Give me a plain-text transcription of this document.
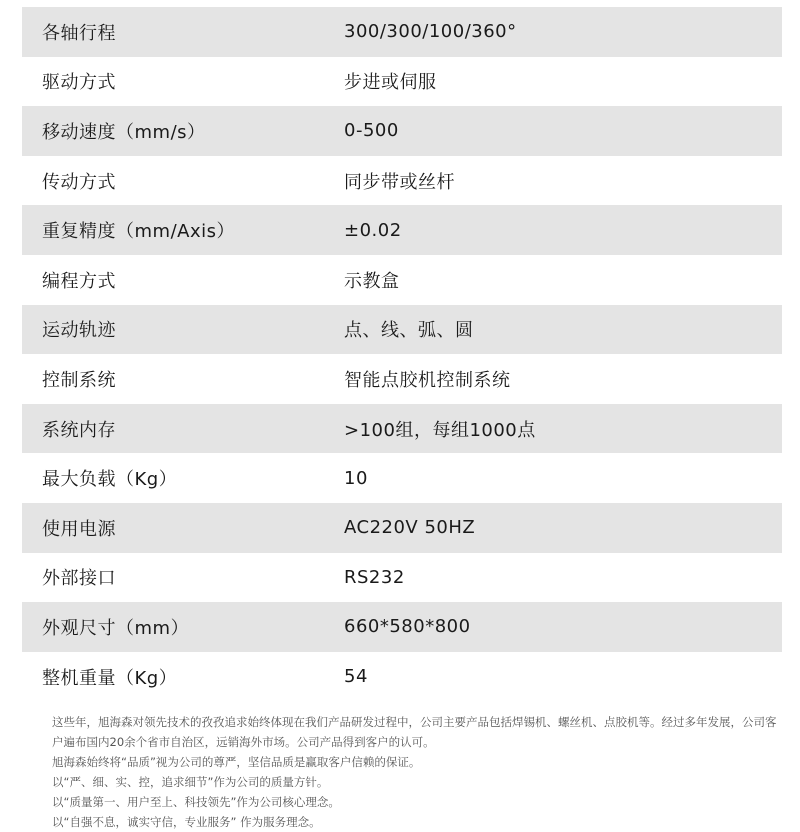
各轴行程	300/300/100/360°
驱动方式	步进或伺服
移动速度（mm/s）	0-500
传动方式	同步带或丝杆
重复精度（mm/Axis）	±0.02
编程方式	示教盒
运动轨迹	点、线、弧、圆
控制系统	智能点胶机控制系统
系统内存	>100组，每组1000点
最大负载（Kg）	10
使用电源	AC220V 50HZ
外部接口	RS232
外观尺寸（mm）	660*580*800
整机重量（Kg）	54

这些年，旭海森对领先技术的孜孜追求始终体现在我们产品研发过程中，公司主要产品包括焊锡机、螺丝机、点胶机等。经过多年发展，公司客户遍布国内20余个省市自治区，远销海外市场。公司产品得到客户的认可。

旭海森始终将“品质”视为公司的尊严，坚信品质是赢取客户信赖的保证。

以“严、细、实、控，追求细节”作为公司的质量方针。

以“质量第一、用户至上、科技领先”作为公司核心理念。

以“自强不息，诚实守信，专业服务” 作为服务理念。
